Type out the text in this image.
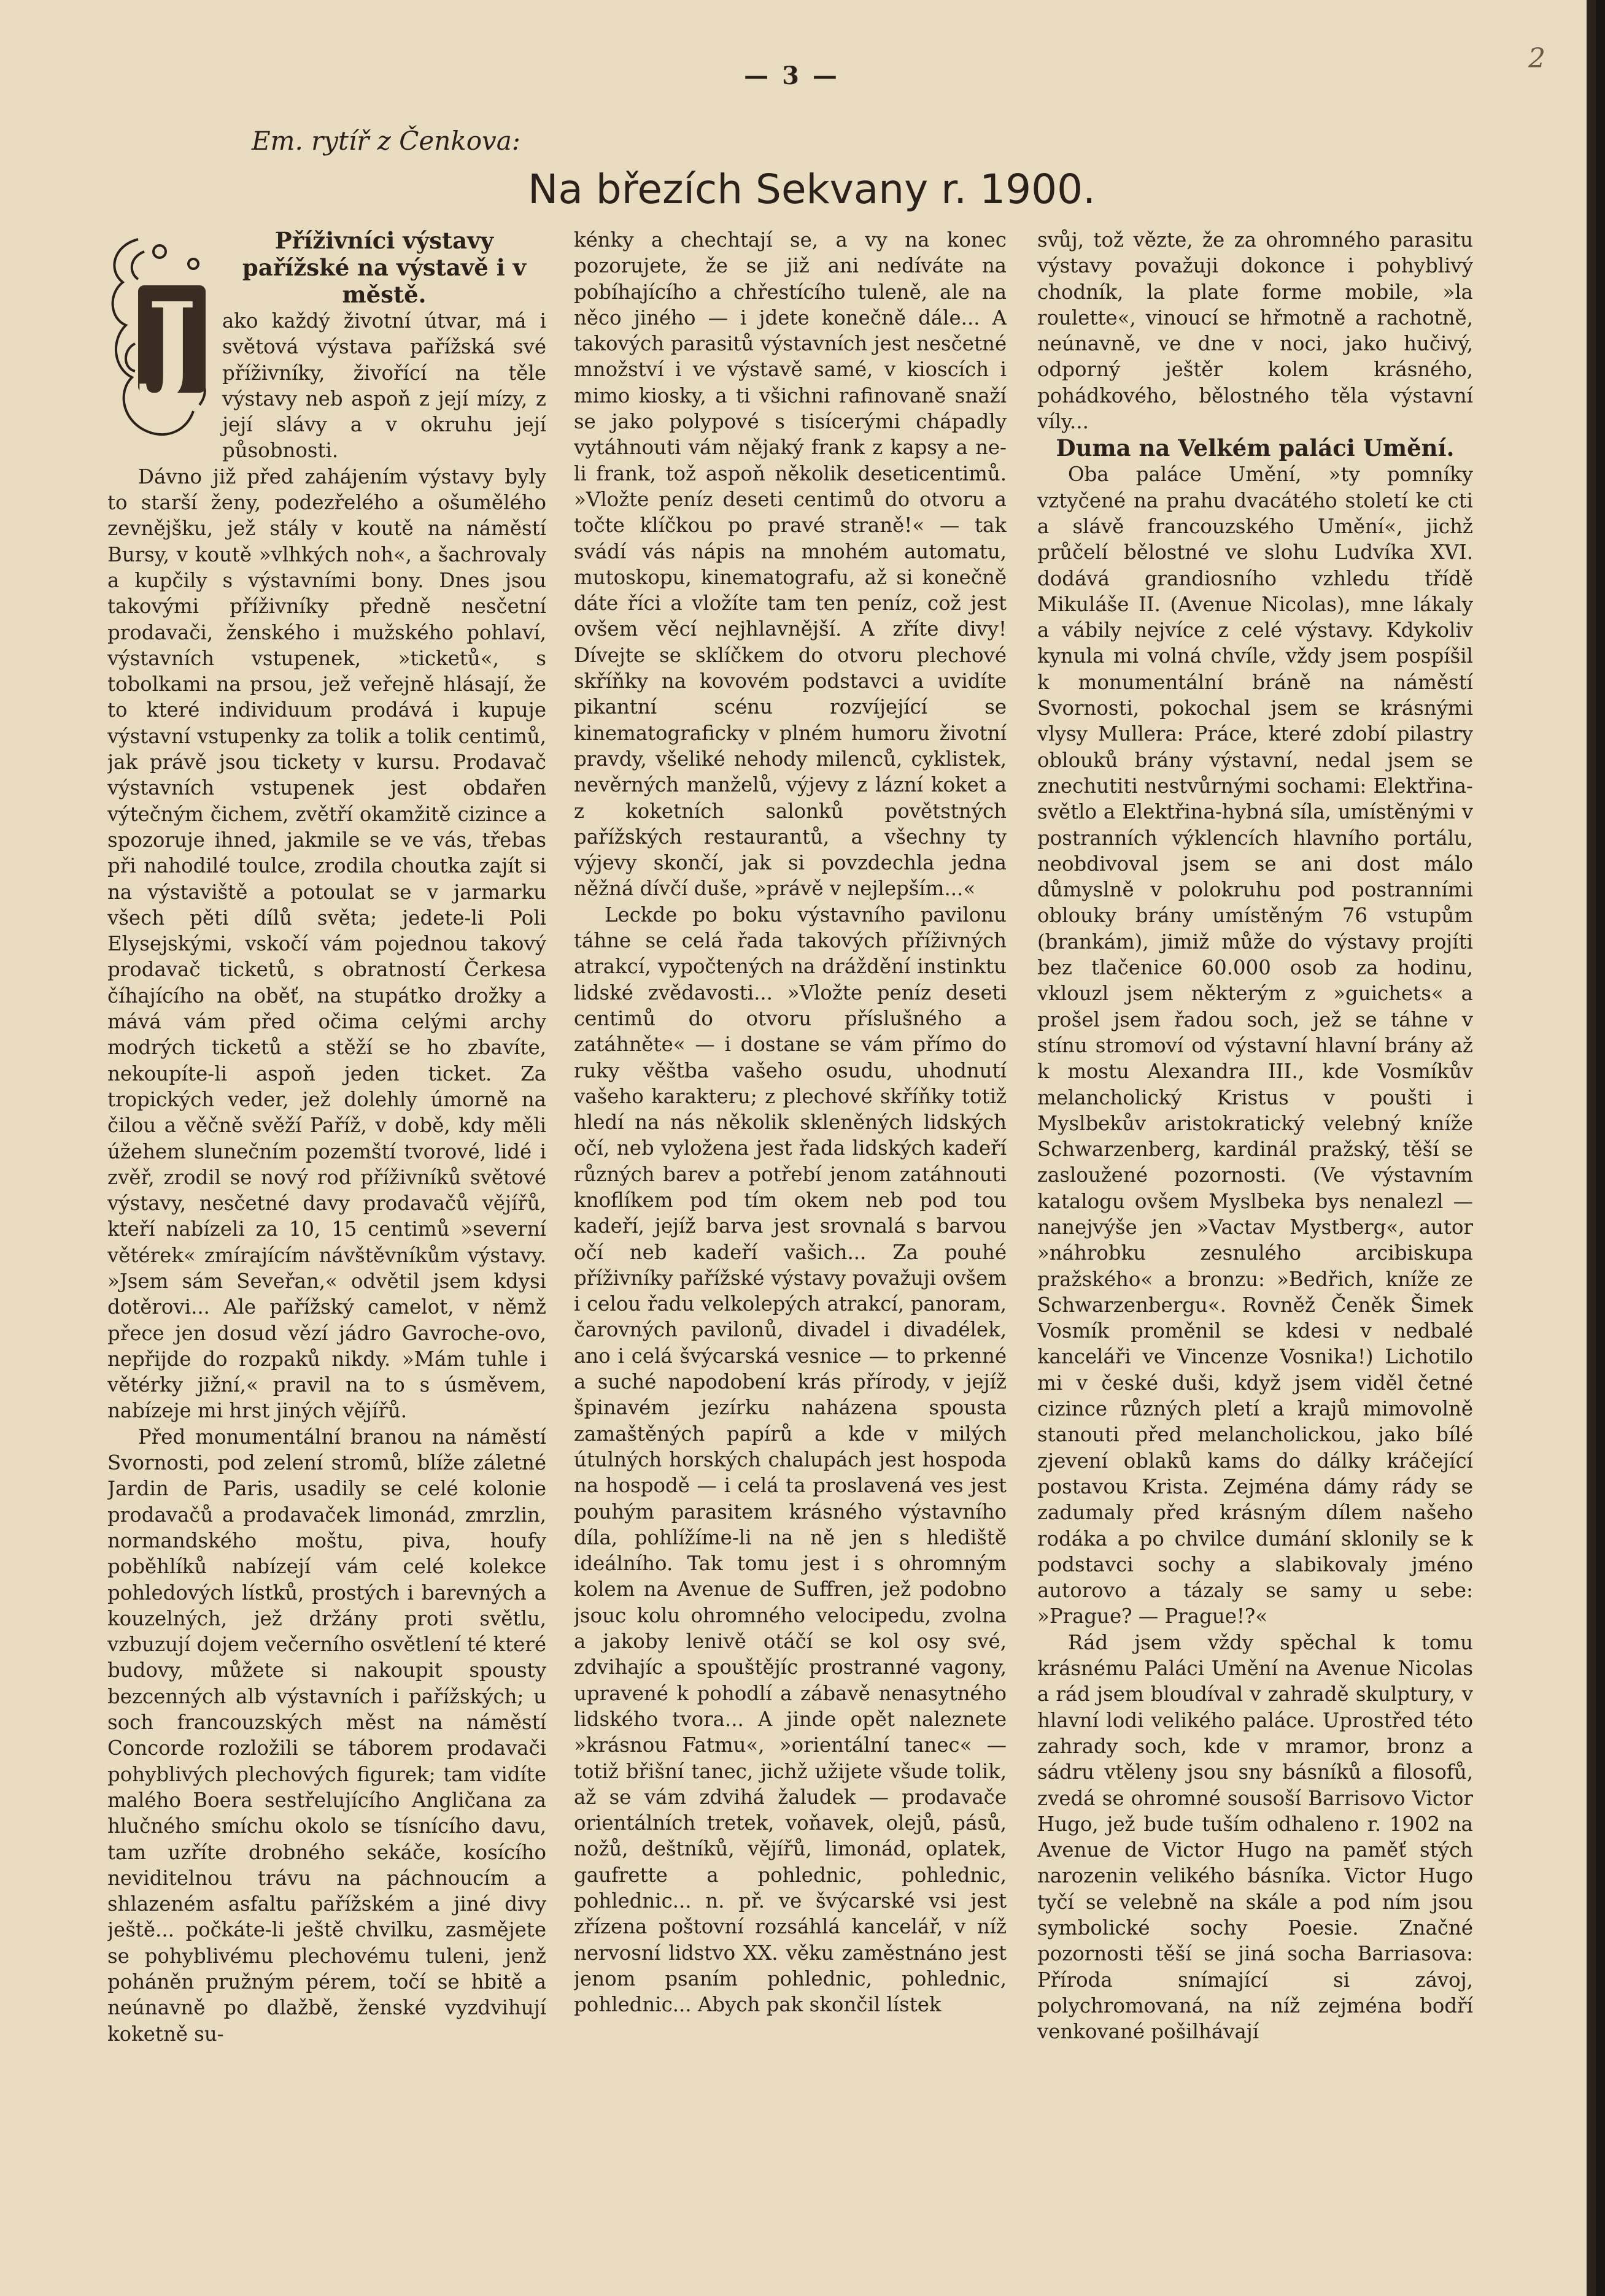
— 3 —
2
Em. rytíř z Čenkova:
Na březích Sekvany r. 1900.
J
Příživníci výstavy pařížské na výstavě i v městě.

ako každý životní útvar, má i světová výstava pařížská své příživníky, živořící na těle výstavy neb aspoň z její mízy, z její slávy a v okruhu její působnosti.

Dávno již před zahájením výstavy byly to starší ženy, podezřelého a ošumělého zevnějšku, jež stály v koutě na náměstí Bursy, v koutě »vlhkých noh«, a šachrovaly a kupčily s výstavními bony. Dnes jsou takovými příživníky předně nesčetní prodavači, ženského i mužského pohlaví, výstavních vstupenek, »ticketů«, s tobolkami na prsou, jež veřejně hlásají, že to které individuum prodává i kupuje výstavní vstupenky za tolik a tolik centimů, jak právě jsou tickety v kursu. Prodavač výstavních vstupenek jest obdařen výtečným čichem, zvětří okamžitě cizince a spozoruje ihned, jakmile se ve vás, třebas při nahodilé toulce, zrodila choutka zajít si na výstaviště a potoulat se v jarmarku všech pěti dílů světa; jedete-li Poli Elysejskými, vskočí vám pojednou takový prodavač ticketů, s obratností Čerkesa číhajícího na oběť, na stupátko drožky a mává vám před očima celými archy modrých ticketů a stěží se ho zbavíte, nekoupíte-li aspoň jeden ticket. Za tropických veder, jež dolehly úmorně na čilou a věčně svěží Paříž, v době, kdy měli úžehem slunečním pozemští tvorové, lidé i zvěř, zrodil se nový rod příživníků světové výstavy, nesčetné davy prodavačů vějířů, kteří nabízeli za 10, 15 centimů »severní větérek« zmírajícím návštěvníkům výstavy. »Jsem sám Seveřan,« odvětil jsem kdysi dotěrovi... Ale pařížský camelot, v němž přece jen dosud vězí jádro Gavroche-ovo, nepřijde do rozpaků nikdy. »Mám tuhle i větérky jižní,« pravil na to s úsměvem, nabízeje mi hrst jiných vějířů.

Před monumentální branou na náměstí Svornosti, pod zelení stromů, blíže záletné Jardin de Paris, usadily se celé kolonie prodavačů a prodavaček limonád, zmrzlin, normandského moštu, piva, houfy poběhlíků nabízejí vám celé kolekce pohledových lístků, prostých i barevných a kouzelných, jež držány proti světlu, vzbuzují dojem večerního osvětlení té které budovy, můžete si nakoupit spousty bezcenných alb výstavních i pařížských; u soch francouzských měst na náměstí Concorde rozložili se táborem prodavači pohyblivých plechových figurek; tam vidíte malého Boera sestřelujícího Angličana za hlučného smíchu okolo se tísnícího davu, tam uzříte drobného sekáče, kosícího neviditelnou trávu na páchnoucím a shlazeném asfaltu pařížském a jiné divy ještě... počkáte-li ještě chvilku, zasmějete se pohyblivému plechovému tuleni, jenž poháněn pružným pérem, točí se hbitě a neúnavně po dlažbě, ženské vyzdvihují koketně su-

kénky a chechtají se, a vy na konec pozorujete, že se již ani nedíváte na pobíhajícího a chřestícího tuleně, ale na něco jiného — i jdete konečně dále... A takových parasitů výstavních jest nesčetné množství i ve výstavě samé, v kioscích i mimo kiosky, a ti všichni rafinovaně snaží se jako polypové s tisícerými chápadly vytáhnouti vám nějaký frank z kapsy a ne-li frank, tož aspoň několik deseticentimů. »Vložte peníz deseti centimů do otvoru a točte klíčkou po pravé straně!« — tak svádí vás nápis na mnohém automatu, mutoskopu, kinematografu, až si konečně dáte říci a vložíte tam ten peníz, což jest ovšem věcí nejhlavnější. A zříte divy! Dívejte se sklíčkem do otvoru plechové skříňky na kovovém podstavci a uvidíte pikantní scénu rozvíjející se kinematograficky v plném humoru životní pravdy, všeliké nehody milenců, cyklistek, nevěrných manželů, výjevy z lázní koket a z koketních salonků povětstných pařížských restaurantů, a všechny ty výjevy skončí, jak si povzdechla jedna něžná dívčí duše, »právě v nejlepším...«

Leckde po boku výstavního pavilonu táhne se celá řada takových příživných atrakcí, vypočtených na dráždění instinktu lidské zvědavosti... »Vložte peníz deseti centimů do otvoru příslušného a zatáhněte« — i dostane se vám přímo do ruky věštba vašeho osudu, uhodnutí vašeho karakteru; z plechové skříňky totiž hledí na nás několik skleněných lidských očí, neb vyložena jest řada lidských kadeří různých barev a potřebí jenom zatáhnouti knoflíkem pod tím okem neb pod tou kadeří, jejíž barva jest srovnalá s barvou očí neb kadeří vašich... Za pouhé příživníky pařížské výstavy považuji ovšem i celou řadu velkolepých atrakcí, panoram, čarovných pavilonů, divadel i divadélek, ano i celá švýcarská vesnice — to prkenné a suché napodobení krás přírody, v jejíž špinavém jezírku naházena spousta zamaštěných papírů a kde v milých útulných horských chalupách jest hospoda na hospodě — i celá ta proslavená ves jest pouhým parasitem krásného výstavního díla, pohlížíme-li na ně jen s hlediště ideálního. Tak tomu jest i s ohromným kolem na Avenue de Suffren, jež podobno jsouc kolu ohromného velocipedu, zvolna a jakoby lenivě otáčí se kol osy své, zdvihajíc a spouštějíc prostranné vagony, upravené k pohodlí a zábavě nenasytného lidského tvora... A jinde opět naleznete »krásnou Fatmu«, »orientální tanec« — totiž břišní tanec, jichž užijete všude tolik, až se vám zdvihá žaludek — prodavače orientálních tretek, voňavek, olejů, pásů, nožů, deštníků, vějířů, limonád, oplatek, gaufrette a pohlednic, pohlednic, pohlednic... n. př. ve švýcarské vsi jest zřízena poštovní rozsáhlá kancelář, v níž nervosní lidstvo XX. věku zaměstnáno jest jenom psaním pohlednic, pohlednic, pohlednic... Abych pak skončil lístek

svůj, tož vězte, že za ohromného parasitu výstavy považuji dokonce i pohyblivý chodník, la plate forme mobile, »la roulette«, vinoucí se hřmotně a rachotně, neúnavně, ve dne v noci, jako hučivý, odporný ještěr kolem krásného, pohádkového, bělostného těla výstavní víly...

Duma na Velkém paláci Umění.

Oba paláce Umění, »ty pomníky vztyčené na prahu dvacátého století ke cti a slávě francouzského Umění«, jichž průčelí bělostné ve slohu Ludvíka XVI. dodává grandiosního vzhledu třídě Mikuláše II. (Avenue Nicolas), mne lákaly a vábily nejvíce z celé výstavy. Kdykoliv kynula mi volná chvíle, vždy jsem pospíšil k monumentální bráně na náměstí Svornosti, pokochal jsem se krásnými vlysy Mullera: Práce, které zdobí pilastry oblouků brány výstavní, nedal jsem se znechutiti nestvůrnými sochami: Elektřina-světlo a Elektřina-hybná síla, umístěnými v postranních výklencích hlavního portálu, neobdivoval jsem se ani dost málo důmyslně v polokruhu pod postranními oblouky brány umístěným 76 vstupům (brankám), jimiž může do výstavy projíti bez tlačenice 60.000 osob za hodinu, vklouzl jsem některým z »guichets« a prošel jsem řadou soch, jež se táhne v stínu stromoví od výstavní hlavní brány až k mostu Alexandra III., kde Vosmíkův melancholický Kristus v poušti i Myslbekův aristokratický velebný kníže Schwarzenberg, kardinál pražský, těší se zasloužené pozornosti. (Ve výstavním katalogu ovšem Myslbeka bys nenalezl — nanejvýše jen »Vactav Mystberg«, autor »náhrobku zesnulého arcibiskupa pražského« a bronzu: »Bedřich, kníže ze Schwarzenbergu«. Rovněž Čeněk Šimek Vosmík proměnil se kdesi v nedbalé kanceláři ve Vincenze Vosnika!) Lichotilo mi v české duši, když jsem viděl četné cizince různých pletí a krajů mimovolně stanouti před melancholickou, jako bílé zjevení oblaků kams do dálky kráčející postavou Krista. Zejména dámy rády se zadumaly před krásným dílem našeho rodáka a po chvilce dumání sklonily se k podstavci sochy a slabikovaly jméno autorovo a tázaly se samy u sebe: »Prague? — Prague!?«

Rád jsem vždy spěchal k tomu krásnému Paláci Umění na Avenue Nicolas a rád jsem bloudíval v zahradě skulptury, v hlavní lodi velikého paláce. Uprostřed této zahrady soch, kde v mramor, bronz a sádru vtěleny jsou sny básníků a filosofů, zvedá se ohromné sousoší Barrisovo Victor Hugo, jež bude tuším odhaleno r. 1902 na Avenue de Victor Hugo na paměť stých narozenin velikého básníka. Victor Hugo tyčí se velebně na skále a pod ním jsou symbolické sochy Poesie. Značné pozornosti těší se jiná socha Barriasova: Příroda snímající si závoj, polychromovaná, na níž zejména bodří venkované pošilhávají
